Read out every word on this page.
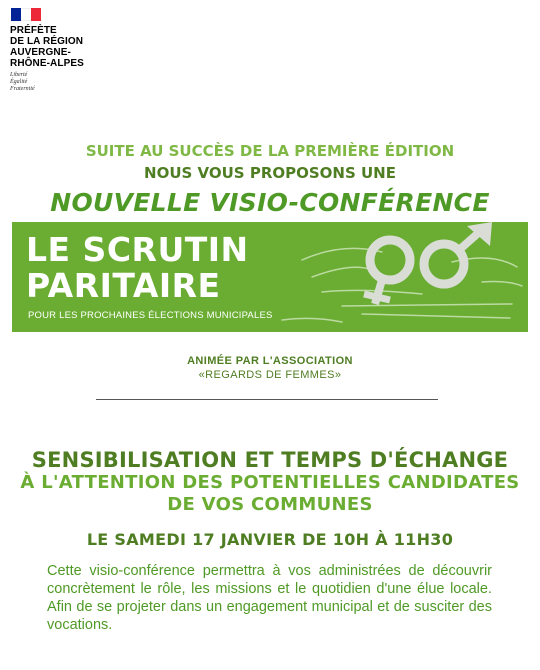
PRÉFÈTE
DE LA RÉGION
AUVERGNE-
RHÔNE-ALPES
Liberté
Égalité
Fraternité
SUITE AU SUCCÈS DE LA PREMIÈRE ÉDITION
NOUS VOUS PROPOSONS UNE
NOUVELLE VISIO-CONFÉRENCE
LE SCRUTIN
PARITAIRE
POUR LES PROCHAINES ÉLECTIONS MUNICIPALES
ANIMÉE PAR L'ASSOCIATION
«REGARDS DE FEMMES»
SENSIBILISATION ET TEMPS D'ÉCHANGE
À L'ATTENTION DES POTENTIELLES CANDIDATES
DE VOS COMMUNES
LE SAMEDI 17 JANVIER DE 10H À 11H30
Cette visio-conférence permettra à vos administrées de découvrir concrètement le rôle, les missions et le quotidien d'une élue locale. Afin de se projeter dans un engagement municipal et de susciter des vocations.
